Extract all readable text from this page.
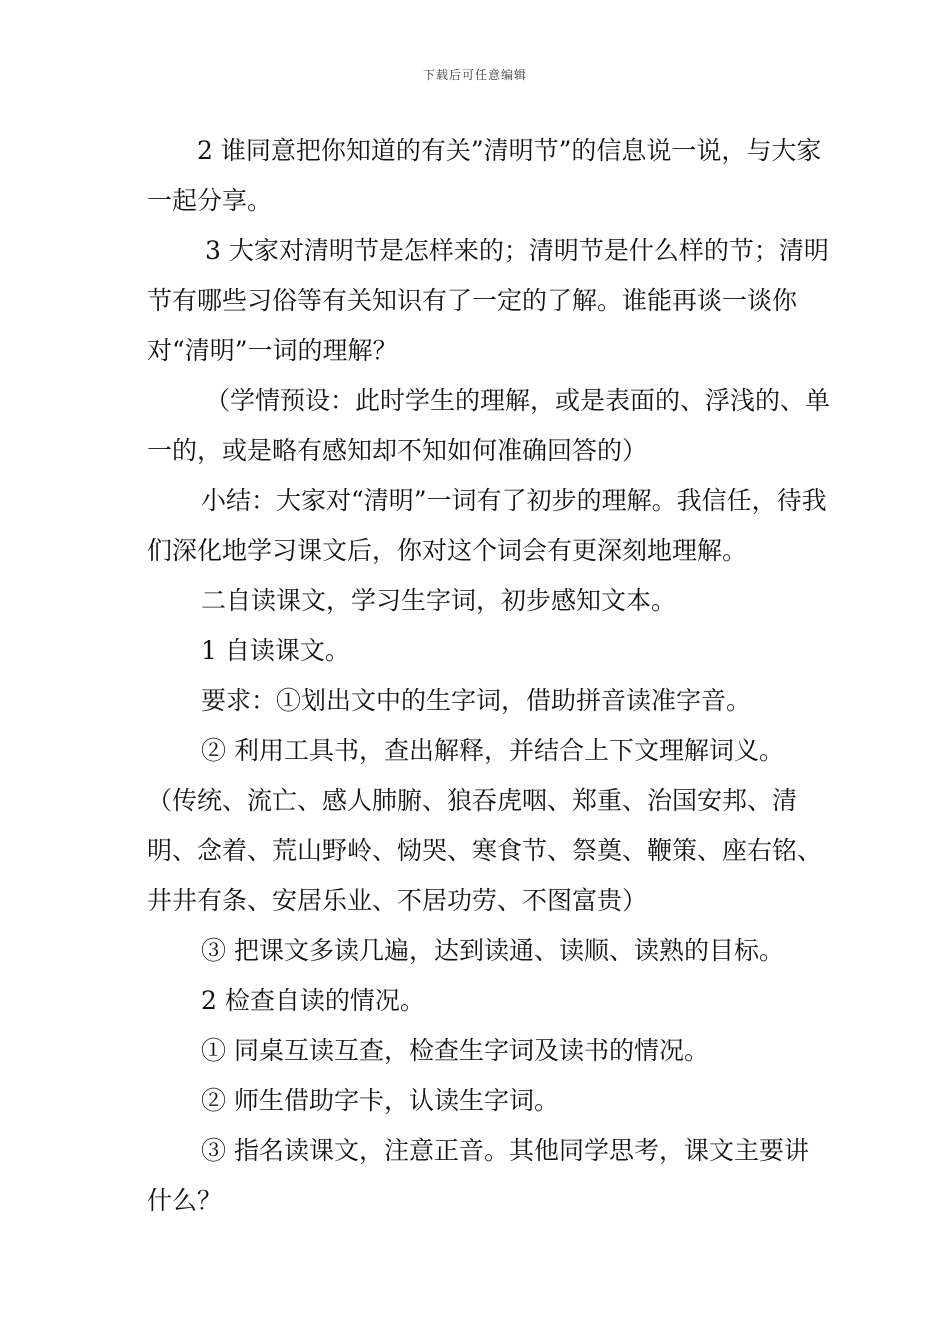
下载后可任意编辑

2 谁同意把你知道的有关”清明节”的信息说一说，与大家一起分享。

3 大家对清明节是怎样来的；清明节是什么样的节；清明节有哪些习俗等有关知识有了一定的了解。谁能再谈一谈你对“清明”一词的理解？

（学情预设：此时学生的理解，或是表面的、浮浅的、单一的，或是略有感知却不知如何准确回答的）

小结：大家对“清明”一词有了初步的理解。我信任，待我们深化地学习课文后，你对这个词会有更深刻地理解。

二自读课文，学习生字词，初步感知文本。

1 自读课文。

要求：①划出文中的生字词，借助拼音读准字音。

② 利用工具书，查出解释，并结合上下文理解词义。

（传统、流亡、感人肺腑、狼吞虎咽、郑重、治国安邦、清明、念着、荒山野岭、恸哭、寒食节、祭奠、鞭策、座右铭、井井有条、安居乐业、不居功劳、不图富贵）

③ 把课文多读几遍，达到读通、读顺、读熟的目标。

2 检查自读的情况。

① 同桌互读互查，检查生字词及读书的情况。

② 师生借助字卡，认读生字词。

③ 指名读课文，注意正音。其他同学思考，课文主要讲什么？
